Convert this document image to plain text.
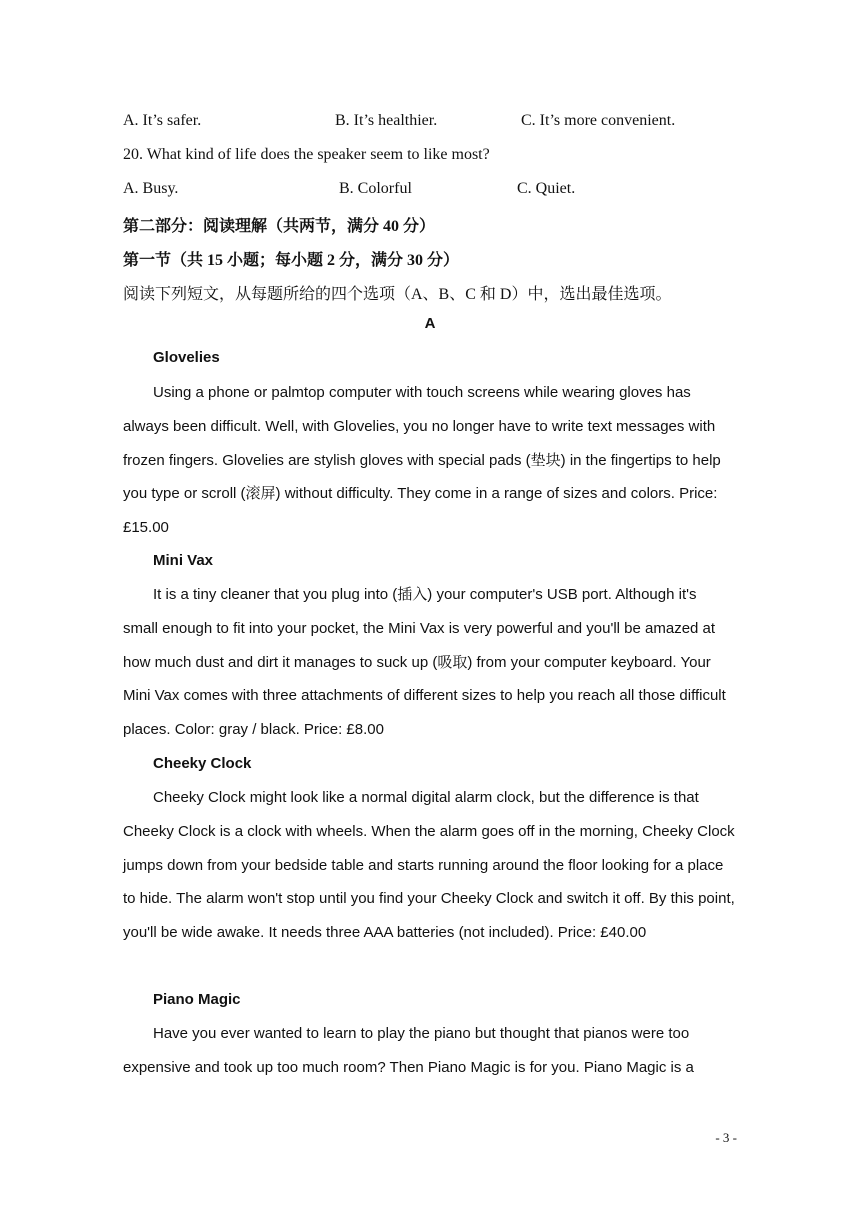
A. It’s safer.	B. It’s healthier.	C. It’s more convenient.
20. What kind of life does the speaker seem to like most?
A. Busy.	B. Colorful	C. Quiet.
第二部分：阅读理解（共两节，满分 40 分）
第一节（共 15 小题；每小题 2 分，满分 30 分）
阅读下列短文，从每题所给的四个选项（A、B、C 和 D）中，选出最佳选项。
A
Glovelies

Using a phone or palmtop computer with touch screens while wearing gloves has always been difficult. Well, with Glovelies, you no longer have to write text messages with frozen fingers. Glovelies are stylish gloves with special pads (垫块) in the fingertips to help you type or scroll (滚屏) without difficulty. They come in a range of sizes and colors. Price: £15.00

Mini Vax

It is a tiny cleaner that you plug into (插入) your computer's USB port. Although it's small enough to fit into your pocket, the Mini Vax is very powerful and you'll be amazed at how much dust and dirt it manages to suck up (吸取) from your computer keyboard. Your Mini Vax comes with three attachments of different sizes to help you reach all those difficult places. Color: gray / black. Price: £8.00

Cheeky Clock

Cheeky Clock might look like a normal digital alarm clock, but the difference is that Cheeky Clock is a clock with wheels. When the alarm goes off in the morning, Cheeky Clock jumps down from your bedside table and starts running around the floor looking for a place to hide. The alarm won't stop until you find your Cheeky Clock and switch it off. By this point, you'll be wide awake. It needs three AAA batteries (not included). Price: £40.00

Piano Magic

Have you ever wanted to learn to play the piano but thought that pianos were too expensive and took up too much room? Then Piano Magic is for you. Piano Magic is a

- 3 -
